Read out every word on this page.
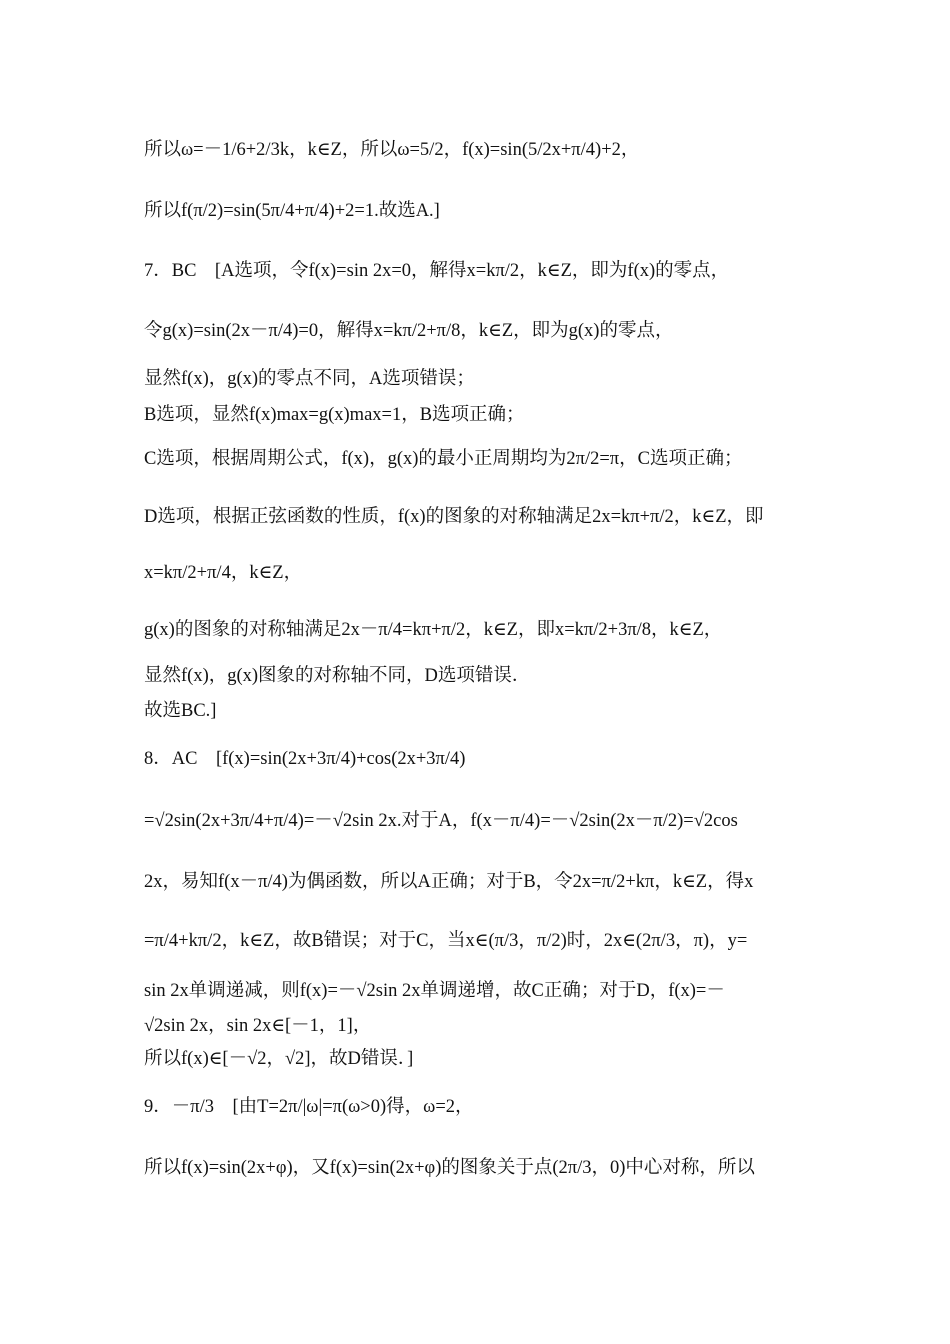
所以ω=－1/6+2/3k，k∈Z，所以ω=5/2，f(x)=sin(5/2x+π/4)+2，
所以f(π/2)=sin(5π/4+π/4)+2=1.故选A.]
7．BC　[A选项，令f(x)=sin 2x=0，解得x=kπ/2，k∈Z，即为f(x)的零点，
令g(x)=sin(2x－π/4)=0，解得x=kπ/2+π/8，k∈Z，即为g(x)的零点，
显然f(x)，g(x)的零点不同，A选项错误；
B选项，显然f(x)max=g(x)max=1，B选项正确；
C选项，根据周期公式，f(x)，g(x)的最小正周期均为2π/2=π，C选项正确；
D选项，根据正弦函数的性质，f(x)的图象的对称轴满足2x=kπ+π/2，k∈Z，即
x=kπ/2+π/4，k∈Z，
g(x)的图象的对称轴满足2x－π/4=kπ+π/2，k∈Z，即x=kπ/2+3π/8，k∈Z，
显然f(x)，g(x)图象的对称轴不同，D选项错误．
故选BC.]
8．AC　[f(x)=sin(2x+3π/4)+cos(2x+3π/4)
=√2sin(2x+3π/4+π/4)=－√2sin 2x.对于A，f(x－π/4)=－√2sin(2x－π/2)=√2cos
2x，易知f(x－π/4)为偶函数，所以A正确；对于B，令2x=π/2+kπ，k∈Z，得x
=π/4+kπ/2，k∈Z，故B错误；对于C，当x∈(π/3，π/2)时，2x∈(2π/3，π)，y=
sin 2x单调递减，则f(x)=－√2sin 2x单调递增，故C正确；对于D，f(x)=－
√2sin 2x，sin 2x∈[－1，1]，
所以f(x)∈[－√2，√2]，故D错误．]
9．－π/3　[由T=2π/|ω|=π(ω>0)得，ω=2，
所以f(x)=sin(2x+φ)，又f(x)=sin(2x+φ)的图象关于点(2π/3，0)中心对称，所以
